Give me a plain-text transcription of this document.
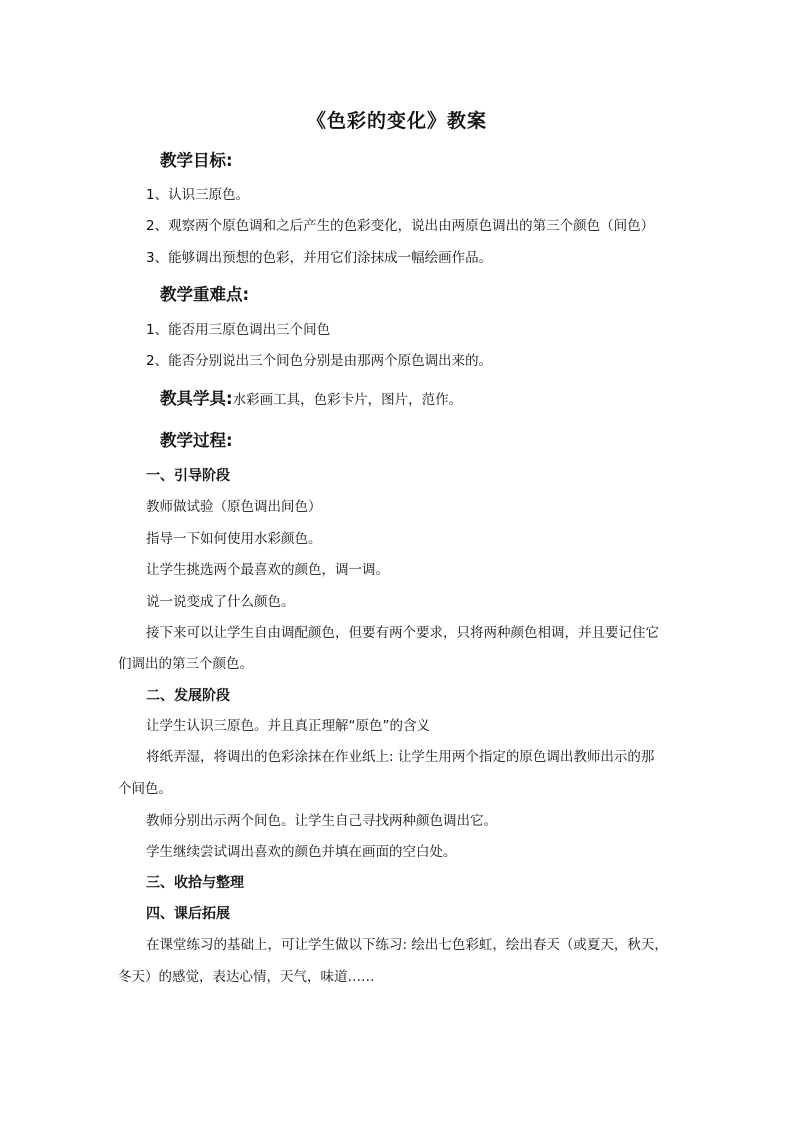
《色彩的变化》教案
教学目标:
1、认识三原色。
2、观察两个原色调和之后产生的色彩变化，说出由两原色调出的第三个颜色（间色）
3、能够调出预想的色彩，并用它们涂抹成一幅绘画作品。
教学重难点:
1、能否用三原色调出三个间色
2、能否分别说出三个间色分别是由那两个原色调出来的。
教具学具:水彩画工具，色彩卡片，图片，范作。
教学过程:
一、引导阶段
教师做试验（原色调出间色）
指导一下如何使用水彩颜色。
让学生挑选两个最喜欢的颜色，调一调。
说一说变成了什么颜色。
接下来可以让学生自由调配颜色，但要有两个要求，只将两种颜色相调，并且要记住它
们调出的第三个颜色。
二、发展阶段
让学生认识三原色。并且真正理解“原色”的含义
将纸弄湿，将调出的色彩涂抹在作业纸上: 让学生用两个指定的原色调出教师出示的那
个间色。
教师分别出示两个间色。让学生自己寻找两种颜色调出它。
学生继续尝试调出喜欢的颜色并填在画面的空白处。
三、收拾与整理
四、课后拓展
在课堂练习的基础上，可让学生做以下练习: 绘出七色彩虹，绘出春天（或夏天，秋天，
冬天）的感觉，表达心情，天气，味道……
